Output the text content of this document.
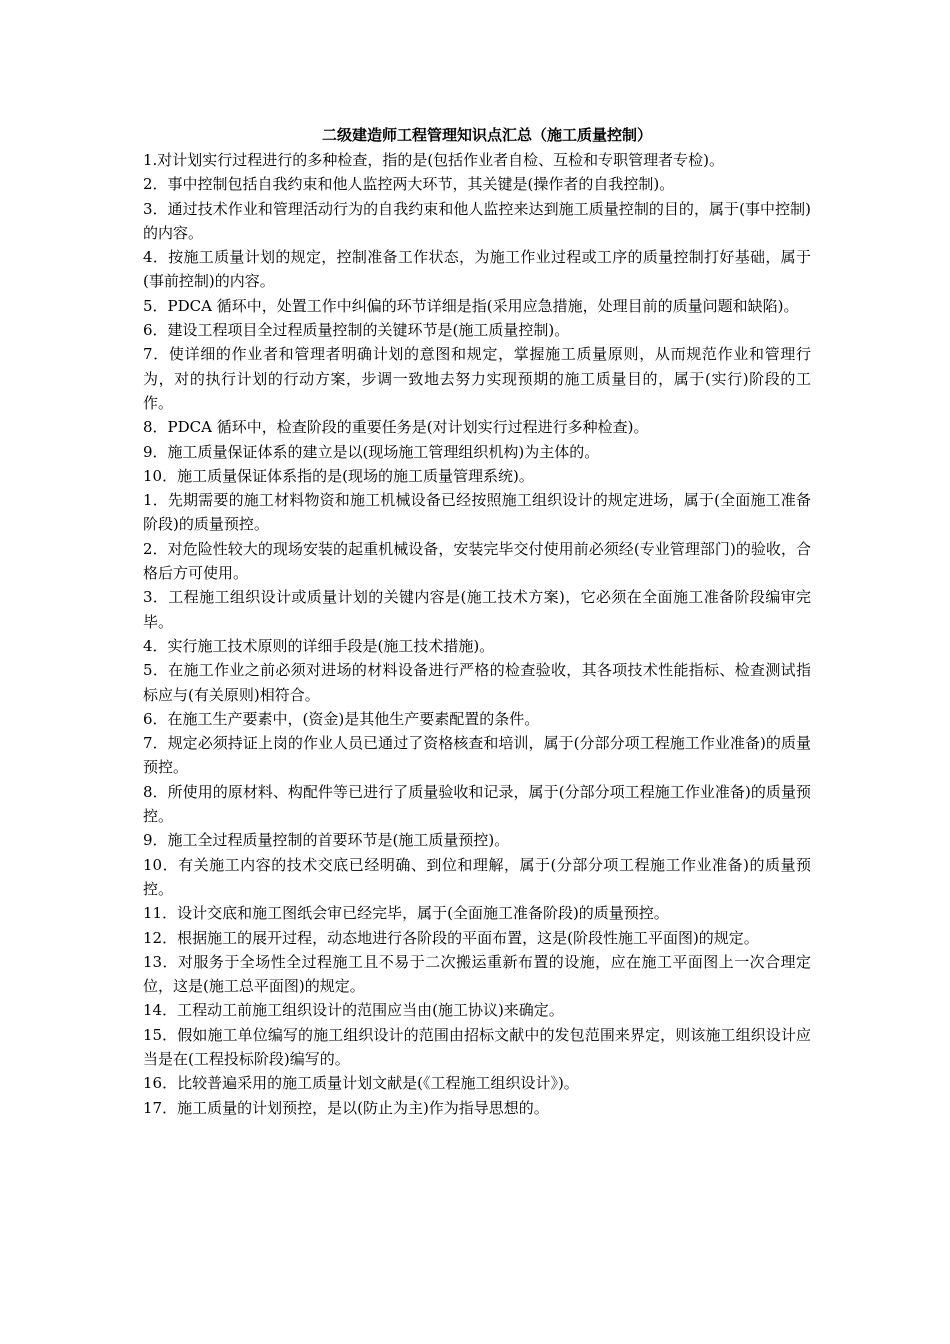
二级建造师工程管理知识点汇总（施工质量控制）
1.对计划实行过程进行的多种检查，指的是(包括作业者自检、互检和专职管理者专检)。
2．事中控制包括自我约束和他人监控两大环节，其关键是(操作者的自我控制)。
3．通过技术作业和管理活动行为的自我约束和他人监控来达到施工质量控制的目的，属于(事中控制)的内容。
4．按施工质量计划的规定，控制准备工作状态，为施工作业过程或工序的质量控制打好基础，属于(事前控制)的内容。
5．PDCA 循环中，处置工作中纠偏的环节详细是指(采用应急措施，处理目前的质量问题和缺陷)。
6．建设工程项目全过程质量控制的关键环节是(施工质量控制)。
7．使详细的作业者和管理者明确计划的意图和规定，掌握施工质量原则，从而规范作业和管理行为，对的执行计划的行动方案，步调一致地去努力实现预期的施工质量目的，属于(实行)阶段的工作。
8．PDCA 循环中，检查阶段的重要任务是(对计划实行过程进行多种检查)。
9．施工质量保证体系的建立是以(现场施工管理组织机构)为主体的。
10．施工质量保证体系指的是(现场的施工质量管理系统)。
1．先期需要的施工材料物资和施工机械设备已经按照施工组织设计的规定进场，属于(全面施工准备阶段)的质量预控。
2．对危险性较大的现场安装的起重机械设备，安装完毕交付使用前必须经(专业管理部门)的验收，合格后方可使用。
3．工程施工组织设计或质量计划的关键内容是(施工技术方案)，它必须在全面施工准备阶段编审完毕。
4．实行施工技术原则的详细手段是(施工技术措施)。
5．在施工作业之前必须对进场的材料设备进行严格的检查验收，其各项技术性能指标、检查测试指标应与(有关原则)相符合。
6．在施工生产要素中，(资金)是其他生产要素配置的条件。
7．规定必须持证上岗的作业人员已通过了资格核查和培训，属于(分部分项工程施工作业准备)的质量预控。
8．所使用的原材料、构配件等已进行了质量验收和记录，属于(分部分项工程施工作业准备)的质量预控。
9．施工全过程质量控制的首要环节是(施工质量预控)。
10．有关施工内容的技术交底已经明确、到位和理解，属于(分部分项工程施工作业准备)的质量预控。
11．设计交底和施工图纸会审已经完毕，属于(全面施工准备阶段)的质量预控。
12．根据施工的展开过程，动态地进行各阶段的平面布置，这是(阶段性施工平面图)的规定。
13．对服务于全场性全过程施工且不易于二次搬运重新布置的设施，应在施工平面图上一次合理定位，这是(施工总平面图)的规定。
14．工程动工前施工组织设计的范围应当由(施工协议)来确定。
15．假如施工单位编写的施工组织设计的范围由招标文献中的发包范围来界定，则该施工组织设计应当是在(工程投标阶段)编写的。
16．比较普遍采用的施工质量计划文献是(《工程施工组织设计》)。
17．施工质量的计划预控，是以(防止为主)作为指导思想的。
